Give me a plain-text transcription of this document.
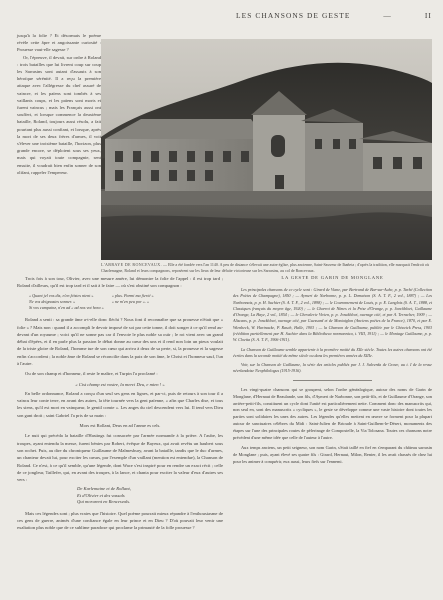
LES CHANSONS DE GESTE	—	II

jusqu'à la folie ? Et désormais le poème révèle cette âpre et angoissante curiosité : Prouesse vaut-elle sagesse ?

Or, l'épreuve, il devait, sur ordre à Roland : trois batailles que lui livrent coup sur coup les Sarrasins sont autant d'assauts à son héroïque sérénité. Il a reçu la première attaque avec l'allégresse du chef assuré de vaincre, et les païens sont tombés à ses vaillants coups, et les païens sont morts et furent vaincus ; mais les Français aussi ont souffert, et lorsque commence la deuxième bataille, Roland, toujours aussi résolu, a fait pourtant plus aussi confiant, et lorsque, après la mort de ses deux frères d'armes, il voit s'élever une troisième bataille, l'horizon, plus grande encore, se déploient sous ses yeux, mais qui voyait toute compagnie, sent ensuite, il voudrait bien enfin sonner de son olifant, rappeler l'empereur.

L'ABBAYE DE RONCEVAUX. — Elle a été fondée vers l'an 1140. A peu de distance s'élevait une autre église, plus ancienne, Saint-Sauveur de Ibañeta ; d'après la tradition, elle marquait l'endroit où Charlemagne, Roland et leurs compagnons, reposèrent sur les lieux de leur défaite victorieuse sur les Sarrasins, au col de Roncevaux.

Trois fois à son tour, Olivier, avec une mesure amère, lui démontre la folie de l'appel : il est trop tard ; Roland d'ailleurs, qu'il est trop tard et il sait à le faire — où s'est obstiné son compagnon :

« Quant jel vos dis, n'en feïstes nient »
Ne vos deignastes sonner. »
Si vos cumpainz, n'en ad « ad nos vot hora »
« plus. Parmi ma fierté »
« ne m'en peu por ». »

Roland a senti : sa grande âme a-t-elle donc fléchi ? Nous font il reconnaître que sa prouesse n'était que « folie » ? Mais non : quand il a accompli le devoir imposé de soi par cette tonne, il doit songer à ce qu'il rend au-devant d'un royaume ; voici qu'il ne sonne pas car il l'envoie le plus noble sa ouïr ; le roi vient avec un grand débat d'épées, et il en parle plus la passion le débat donne au cœur des uns et il rend non loin un pieux voulait de la triste gloire de Roland, l'homme tue de son cœur qui arriva à deux de sa perte, si, la prouesse et la sagesse enfin s'accordent ; la noble âme de Roland se réconcilie dans la paix de son âme, le Christ et l'honneur sauf, l'un à l'autre.

Ou de son champ et d'honneur, il reste le maître, et Turpin l'a proclamé :

« Cist champ est vostre, la merci Deu, e mien ! »

En belle ordonnance, Roland a conçu d'un seul ses gens en lignes, et par-ci, puis de retours à son tour il a vaincu leur conte terre, en avant des autres, la tête tournée vers la gent païenne, « afin que Charles dise, et tous les siens, qu'il est mort en vainqueur, le gentil comte ». Les anges du ciel descendent vers lui. Il tend vers Dieu son gant droit ; saint Gabriel l'a pris de sa main :

Mors est Rollant, Deus en ad l'anme es cels.

Le nuit qui précéda la bataille d'Hastings fut consacrée par l'armée normande à la prière. A l'aube, les troupes, ayant entendu la messe, furent bénies par Robert, évêque de Bayeux, qui avait revêtu un haubert sous son rochet. Puis, au dire du chroniqueur Guillaume de Malmesbury, avant la bataille, tandis que le duc d'armes, un chanteur devait lui, pour exciter les cœurs, par l'exemple d'un vaillant (mention est entendue), la Chanson de Roland. Ce n'est, à ce qu'il semble, qu'une légende, dont Wace s'est inspiré pour en rendre un exact récit ; celle de ce jongleur, Taillefer, qui, en avant des troupes, à la lance, et chanta pour exciter la valeur d'eux d'autres ses vers :

De Karlemaine et de Rollant,
Et d'Olivier et des vassals
Qui morurent en Rencesvals.

Mais ces légendes sont ; plus vraies que l'histoire. Quel poème pourrait mieux répandre à l'enthousiasme de ces gens de guerre, animés d'une confiance égale en leur prince et en Dieu ? D'où pouvait leur venir une exaltation plus noble que de ce sublime paradoxe qui proclame la primauté de la folle prouesse ?

LA GESTE DE GARIN DE MONGLANE

Les principales chansons de ce cycle sont : Girard de Viane, par Bertrand de Bar-sur-Aube, p. p. Tarbé (Collection des Poètes de Champagne), 1850 ; — Aymeri de Narbonne, p. p. L. Demaison (S. A. T. F., 2 vol., 1887) ; — Les Narbonnais, p. p. H. Suchier (S. A. T. F., 2 vol., 1898) ; — le Couronnement de Louis, p. p. E. Langlois (S. A. T., 1888, et Classiques français du moyen âge, 1920) ; — le Charroi de Nîmes et la Prise d'Orange, p. p. Jonckbloet, Guillaume d'Orange, La Haye, 2 vol., 1854 ; — le Chevalerie Vivien, p. p. Jonckbloet, ouvrage cité, et par A. Terracher, 1909 ; — Aliscans, p. p. Jonckbloet, ouvrage cité, par Guessard et de Montaiglon (Anciens poètes de la France), 1870, et par E. Wienbeck, W. Hartnacke, P. Rasch, Halle, 1903 ; — la Chanson de Guillaume, publiée par le Chiswick Press, 1903 (réédition partiellement par H. Suchier dans la Bibliotheca normannica, t. VIII, 1911) ; — le Moniage Guillaume, p. p. W. Cloetta (S. A. T. F., 1906-1911).

La Chanson de Guillaume semble appartenir à la première moitié du XIIe siècle. Toutes les autres chansons ont été écrites dans la seconde moitié du même siècle ou dans les premières années du XIIIe.

Voir, sur la Chanson de Guillaume, la série des articles publiés par J. J. Salverda de Grave, au t. I de la revue néerlandaise Neophilologus (1915-1916).

Les vingt-quatre chansons qui se groupent, selon l'ordre généalogique, autour des noms de Garin de Monglane, d'Hernaut de Beaulande, son fils, d'Aymeri de Narbonne, son petit-fils, et de Guillaume d'Orange, son arrière-petit-fils, constituent un cycle dont l'unité est particulièrement nette. Comment donc des manuscrits qui, non seul en, sont des manuscrits « cycliques », le geste se développe comme une vaste histoire dont toutes les parties sont solidaires les unes des autres. Les légendes qu'elles mettent en œuvre se forment pour la plupart autour de sanctuaires célèbres du Midi : Saint-Julien de Brioude à Saint-Guilhem-le-Désert, monuments des étapes sur l'une des principales routes de pèlerinage de Compostelle, la Via Tolosana. Toutes ces chansons notre précédent d'une même idée que celle de l'auteur à l'autre.

Aux temps anciens, un petit seigneur, son nom Garin, s'était taillé en fief en s'emparant du château sarrasin de Monglane ; puis, ayant élevé ses quatre fils : Girard, Hernaut, Milon, Renier, il les avait chassés de chez lui pour les animer à conquérir, eux aussi, leurs fiefs sur l'ennemi.
